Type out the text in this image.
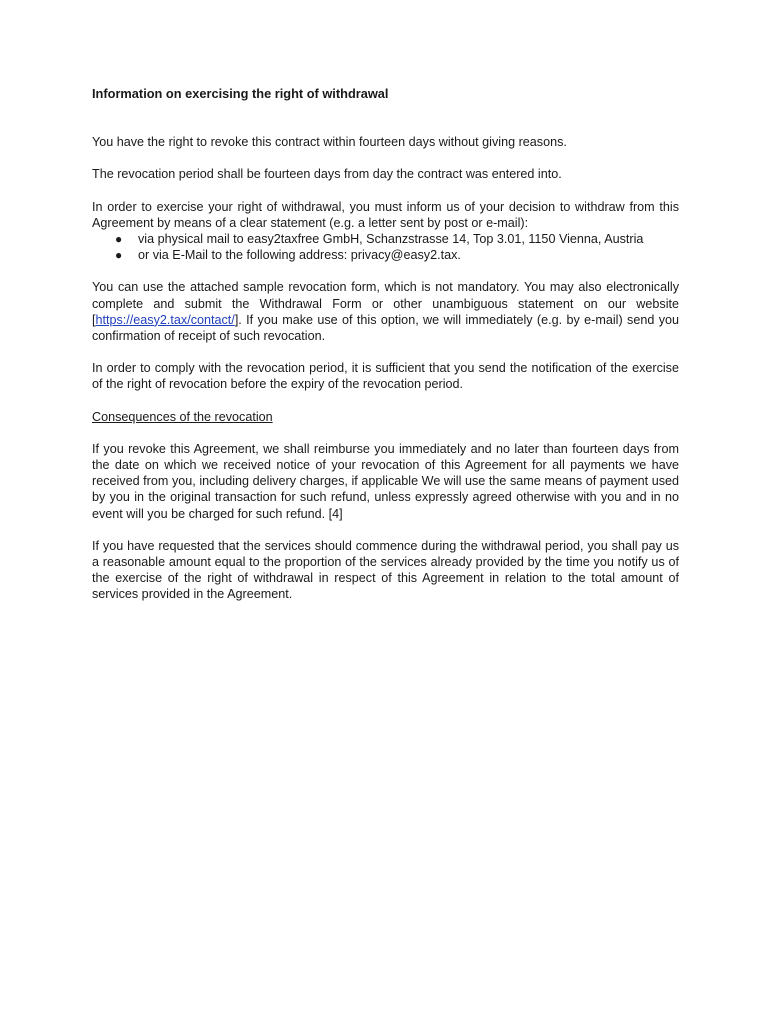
Information on exercising the right of withdrawal

You have the right to revoke this contract within fourteen days without giving reasons.

The revocation period shall be fourteen days from day the contract was entered into.

In order to exercise your right of withdrawal, you must inform us of your decision to withdraw from this Agreement by means of a clear statement (e.g. a letter sent by post or e-mail):

● via physical mail to easy2taxfree GmbH, Schanzstrasse 14, Top 3.01, 1150 Vienna, Austria
● or via E-Mail to the following address: privacy@easy2.tax.

You can use the attached sample revocation form, which is not mandatory. You may also electronically complete and submit the Withdrawal Form or other unambiguous statement on our website [https://easy2.tax/contact/]. If you make use of this option, we will immediately (e.g. by e-mail) send you confirmation of receipt of such revocation.

In order to comply with the revocation period, it is sufficient that you send the notification of the exercise of the right of revocation before the expiry of the revocation period.

Consequences of the revocation

If you revoke this Agreement, we shall reimburse you immediately and no later than fourteen days from the date on which we received notice of your revocation of this Agreement for all payments we have received from you, including delivery charges, if applicable We will use the same means of payment used by you in the original transaction for such refund, unless expressly agreed otherwise with you and in no event will you be charged for such refund. [4]

If you have requested that the services should commence during the withdrawal period, you shall pay us a reasonable amount equal to the proportion of the services already provided by the time you notify us of the exercise of the right of withdrawal in respect of this Agreement in relation to the total amount of services provided in the Agreement.
